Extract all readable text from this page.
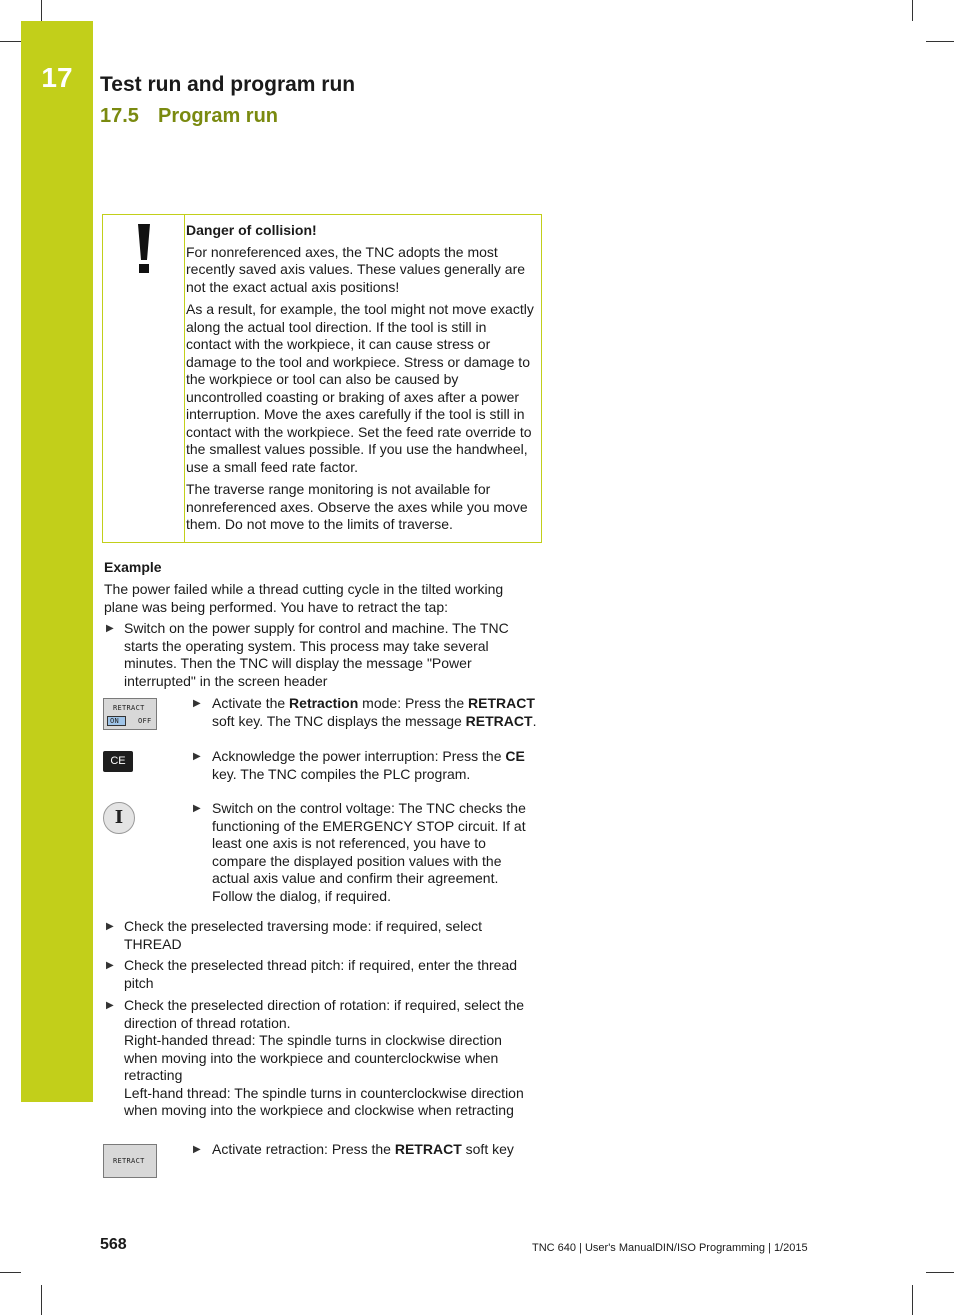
17	Test run and program run
17.5 Program run

Danger of collision!

For nonreferenced axes, the TNC adopts the most recently saved axis values. These values generally are not the exact actual axis positions!

As a result, for example, the tool might not move exactly along the actual tool direction. If the tool is still in contact with the workpiece, it can cause stress or damage to the tool and workpiece. Stress or damage to the workpiece or tool can also be caused by uncontrolled coasting or braking of axes after a power interruption. Move the axes carefully if the tool is still in contact with the workpiece. Set the feed rate override to the smallest values possible. If you use the handwheel, use a small feed rate factor.

The traverse range monitoring is not available for nonreferenced axes. Observe the axes while you move them. Do not move to the limits of traverse.

Example
The power failed while a thread cutting cycle in the tilted working plane was being performed. You have to retract the tap:
▶ Switch on the power supply for control and machine. The TNC starts the operating system. This process may take several minutes. Then the TNC will display the message "Power interrupted" in the screen header
RETRACT
ON	OFF
▶ Activate the Retraction mode: Press the RETRACT soft key. The TNC displays the message RETRACT.
CE	▶ Acknowledge the power interruption: Press the CE key. The TNC compiles the PLC program.
I	▶ Switch on the control voltage: The TNC checks the functioning of the EMERGENCY STOP circuit. If at least one axis is not referenced, you have to compare the displayed position values with the actual axis value and confirm their agreement. Follow the dialog, if required.
▶ Check the preselected traversing mode: if required, select THREAD
▶ Check the preselected thread pitch: if required, enter the thread pitch
▶ Check the preselected direction of rotation: if required, select the direction of thread rotation.
Right-handed thread: The spindle turns in clockwise direction when moving into the workpiece and counterclockwise when retracting
Left-hand thread: The spindle turns in counterclockwise direction when moving into the workpiece and clockwise when retracting
RETRACT
▶ Activate retraction: Press the RETRACT soft key
568	TNC 640 | User's ManualDIN/ISO Programming | 1/2015
